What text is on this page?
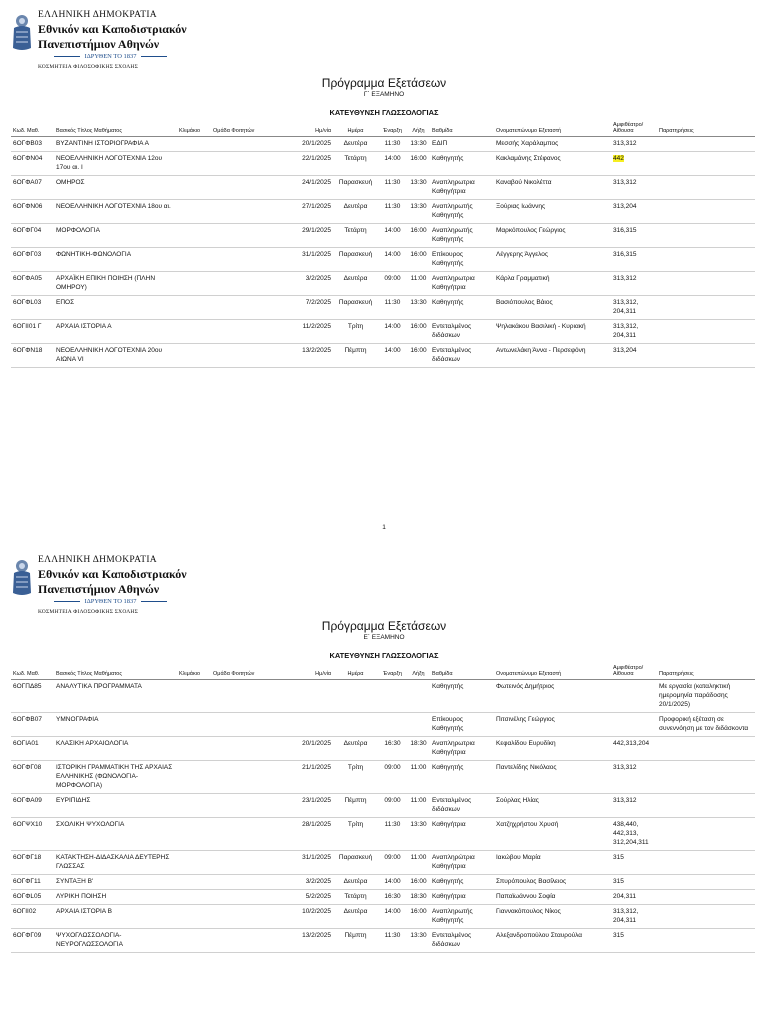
ΕΛΛΗΝΙΚΗ ΔΗΜΟΚΡΑΤΙΑ
Εθνικόν και Καποδιστριακόν
Πανεπιστήμιον Αθηνών
ΙΔΡΥΘΕΝ ΤΟ 1837
ΚΟΣΜΗΤΕΙΑ ΦΙΛΟΣΟΦΙΚΗΣ ΣΧΟΛΗΣ
Πρόγραμμα Εξετάσεων
Γ΄ ΕΞΑΜΗΝΟ
ΚΑΤΕΥΘΥΝΣΗ ΓΛΩΣΣΟΛΟΓΙΑΣ
Κωδ. Μαθ.	Βασικός Τίτλος Μαθήματος	Κλιμάκιο	Ομάδα Φοιτητών	Ημ/νία	Ημέρα	Έναρξη	Λήξη	Βαθμίδα	Ονοματεπώνυμο Εξεταστή	Αμφιθέατρο/ Αίθουσα	Παρατηρήσεις
6ΟΓΦΒ03	ΒΥΖΑΝΤΙΝΗ ΙΣΤΟΡΙΟΓΡΑΦΙΑ Α			20/1/2025	Δευτέρα	11:30	13:30	ΕΔΙΠ	Μεσσής Χαράλαμπος	313,312	
6ΟΓΦΝ04	ΝΕΟΕΛΛΗΝΙΚΗ ΛΟΓΟΤΕΧΝΙΑ 12ου 17ου αι. Ι			22/1/2025	Τετάρτη	14:00	16:00	Καθηγητής	Κακλαμάνης Στέφανος	442	
6ΟΓΦΑ07	ΟΜΗΡΟΣ			24/1/2025	Παρασκευή	11:30	13:30	Αναπληρωτρια Καθηγήτρια	Καναβού Νικολέττα	313,312	
6ΟΓΦΝ06	ΝΕΟΕΛΛΗΝΙΚΗ ΛΟΓΟΤΕΧΝΙΑ 18ου αι.			27/1/2025	Δευτέρα	11:30	13:30	Αναπληρωτής Καθηγητής	Ξούριας Ιωάννης	313,204	
6ΟΓΦΓ04	ΜΟΡΦΟΛΟΓΙΑ			29/1/2025	Τετάρτη	14:00	16:00	Αναπληρωτής Καθηγητής	Μαρκόπουλος Γεώργιος	316,315	
6ΟΓΦΓ03	ΦΩΝΗΤΙΚΗ-ΦΩΝΟΛΟΓΙΑ			31/1/2025	Παρασκευή	14:00	16:00	Επίκουρος Καθηγητής	Λέγγερης Άγγελος	316,315	
6ΟΓΦΑ05	ΑΡΧΑΪΚΗ ΕΠΙΚΗ ΠΟΙΗΣΗ (ΠΛΗΝ ΟΜΗΡΟΥ)			3/2/2025	Δευτέρα	09:00	11:00	Αναπληρωτρια Καθηγήτρια	Κάρλα Γραμματική	313,312	
6ΟΓΦL03	ΕΠΟΣ			7/2/2025	Παρασκευή	11:30	13:30	Καθηγητής	Βασιόπουλος Βάιος	313,312, 204,311	
6ΟΓΙΙ01 Γ	ΑΡΧΑΙΑ ΙΣΤΟΡΙΑ Α			11/2/2025	Τρίτη	14:00	16:00	Εντεταλμένος διδάσκων	Ψηλακάκου Βασιλική - Κυριακή	313,312, 204,311	
6ΟΓΦΝ18	ΝΕΟΕΛΛΗΝΙΚΗ ΛΟΓΟΤΕΧΝΙΑ 20ου ΑΙΩΝΑ VI			13/2/2025	Πέμπτη	14:00	16:00	Εντεταλμένος διδάσκων	Αντωνελάκη Άννα - Περσεφόνη	313,204	
1
ΕΛΛΗΝΙΚΗ ΔΗΜΟΚΡΑΤΙΑ
Εθνικόν και Καποδιστριακόν
Πανεπιστήμιον Αθηνών
ΙΔΡΥΘΕΝ ΤΟ 1837
ΚΟΣΜΗΤΕΙΑ ΦΙΛΟΣΟΦΙΚΗΣ ΣΧΟΛΗΣ
Πρόγραμμα Εξετάσεων
Ε΄ ΕΞΑΜΗΝΟ
ΚΑΤΕΥΘΥΝΣΗ ΓΛΩΣΣΟΛΟΓΙΑΣ
Κωδ. Μαθ.	Βασικός Τίτλος Μαθήματος	Κλιμάκιο	Ομάδα Φοιτητών	Ημ/νία	Ημέρα	Έναρξη	Λήξη	Βαθμίδα	Ονοματεπώνυμο Εξεταστή	Αμφιθέατρο/ Αίθουσα	Παρατηρήσεις
6ΟΓΠΔ85	ΑΝΑΛΥΤΙΚΑ ΠΡΟΓΡΑΜΜΑΤΑ							Καθηγητής	Φωτεινός Δημήτριος		Με εργασία (καταληκτική ημερομηνία παράδοσης 20/1/2025)
6ΟΓΦΒ07	ΥΜΝΟΓΡΑΦΙΑ							Επίκουρος Καθηγητής	Πιτσινέλης Γεώργιος		Προφορική εξέταση σε συνεννόηση με τον διδάσκοντα
6ΟΓΙΑ01	ΚΛΑΣΙΚΗ ΑΡΧΑΙΟΛΟΓΙΑ			20/1/2025	Δευτέρα	16:30	18:30	Αναπληρωτρια Καθηγήτρια	Κεφαλίδου Ευρυδίκη	442,313,204	
6ΟΓΦΓ08	ΙΣΤΟΡΙΚΗ ΓΡΑΜΜΑΤΙΚΗ ΤΗΣ ΑΡΧΑΙΑΣ ΕΛΛΗΝΙΚΗΣ (ΦΩΝΟΛΟΓΙΑ-ΜΟΡΦΟΛΟΓΙΑ)			21/1/2025	Τρίτη	09:00	11:00	Καθηγητής	Παντελίδης Νικόλαος	313,312	
6ΟΓΦΑ09	ΕΥΡΙΠΙΔΗΣ			23/1/2025	Πέμπτη	09:00	11:00	Εντεταλμένος διδάσκων	Σούρλας Ηλίας	313,312	
6ΟΓΨΧ10	ΣΧΟΛΙΚΗ ΨΥΧΟΛΟΓΙΑ			28/1/2025	Τρίτη	11:30	13:30	Καθηγήτρια	Χατζηχρήστου Χρυσή	438,440, 442,313, 312,204,311	
6ΟΓΦΓ18	ΚΑΤΑΚΤΗΣΗ-ΔΙΔΑΣΚΑΛΙΑ ΔΕΥΤΕΡΗΣ ΓΛΩΣΣΑΣ			31/1/2025	Παρασκευή	09:00	11:00	Αναπληρώτρια Καθηγήτρια	Ιακώβου Μαρία	315	
6ΟΓΦΓ11	ΣΥΝΤΑΞΗ Β'			3/2/2025	Δευτέρα	14:00	16:00	Καθηγητής	Σπυρόπουλος Βασίλειος	315	
6ΟΓΦL05	ΛΥΡΙΚΗ ΠΟΙΗΣΗ			5/2/2025	Τετάρτη	16:30	18:30	Καθηγήτρια	Παπαϊωάννου Σοφία	204,311	
6ΟΓΙΙ02	ΑΡΧΑΙΑ ΙΣΤΟΡΙΑ Β			10/2/2025	Δευτέρα	14:00	16:00	Αναπληρωτής Καθηγητής	Γιαννακόπουλος Νίκος	313,312, 204,311	
6ΟΓΦΓ09	ΨΥΧΟΓΛΩΣΣΟΛΟΓΙΑ-ΝΕΥΡΟΓΛΩΣΣΟΛΟΓΙΑ			13/2/2025	Πέμπτη	11:30	13:30	Εντεταλμένος διδάσκων	Αλεξανδροπούλου Σταυρούλα	315	
